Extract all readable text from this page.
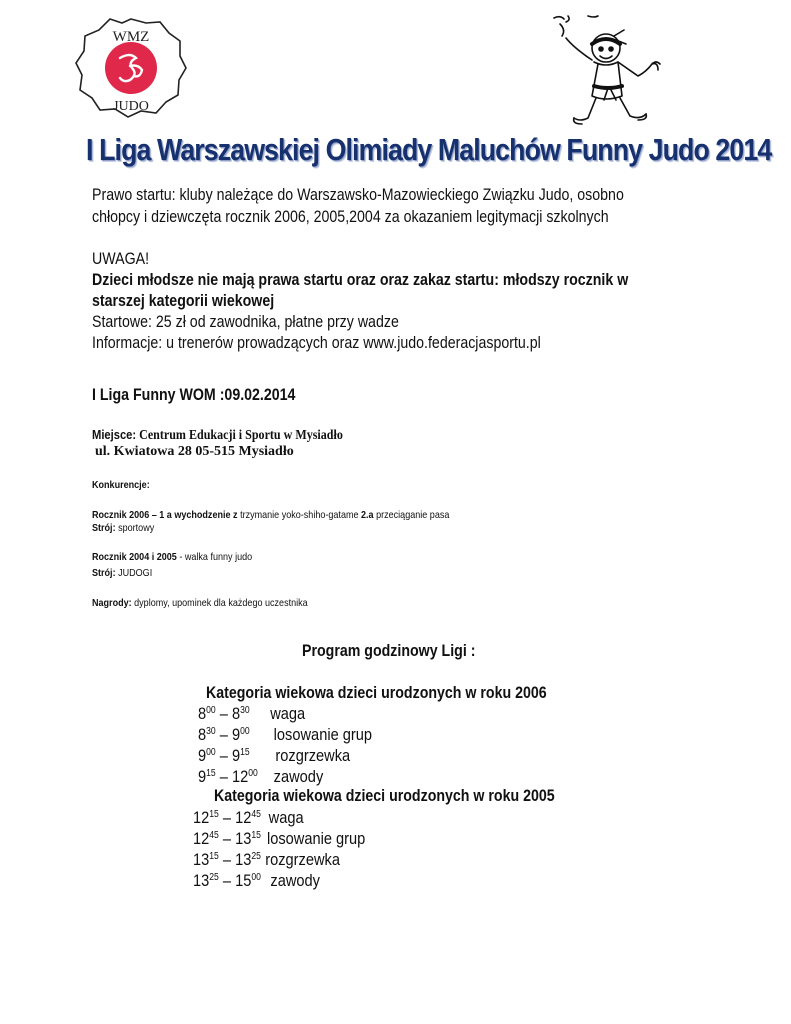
WMZ
JUDO
I Liga Warszawskiej Olimiady Maluchów Funny Judo 2014
Prawo startu: kluby należące do Warszawsko-Mazowieckiego Związku Judo, osobno
chłopcy i dziewczęta rocznik 2006, 2005,2004 za okazaniem legitymacji szkolnych
UWAGA!
Dzieci młodsze nie mają prawa startu oraz oraz zakaz startu: młodszy rocznik w
starszej kategorii wiekowej
Startowe: 25 zł od zawodnika, płatne przy wadze
Informacje: u trenerów prowadzących oraz www.judo.federacjasportu.pl
I Liga Funny WOM :09.02.2014
Miejsce: Centrum Edukacji i Sportu w Mysiadło
ul. Kwiatowa 28 05-515 Mysiadło
Konkurencje:
Rocznik 2006 – 1 a wychodzenie z trzymanie yoko-shiho-gatame 2.a przeciąganie pasa
Strój: sportowy
Rocznik 2004 i 2005 - walka funny judo
Strój: JUDOGI
Nagrody: dyplomy, upominek dla każdego uczestnika
Program godzinowy Ligi :
Kategoria wiekowa dzieci urodzonych w roku 2006
$8^{00} - 8^{30}$ waga
$8^{30} - 9^{00}$ losowanie grup
$9^{00} - 9^{15}$ rozgrzewka
$9^{15} - 12^{00}$ zawody
Kategoria wiekowa dzieci urodzonych w roku 2005
$12^{15} - 12^{45}$ waga
$12^{45} - 13^{15}$ losowanie grup
$13^{15} - 13^{25}$ rozgrzewka
$13^{25} - 15^{00}$ zawody
